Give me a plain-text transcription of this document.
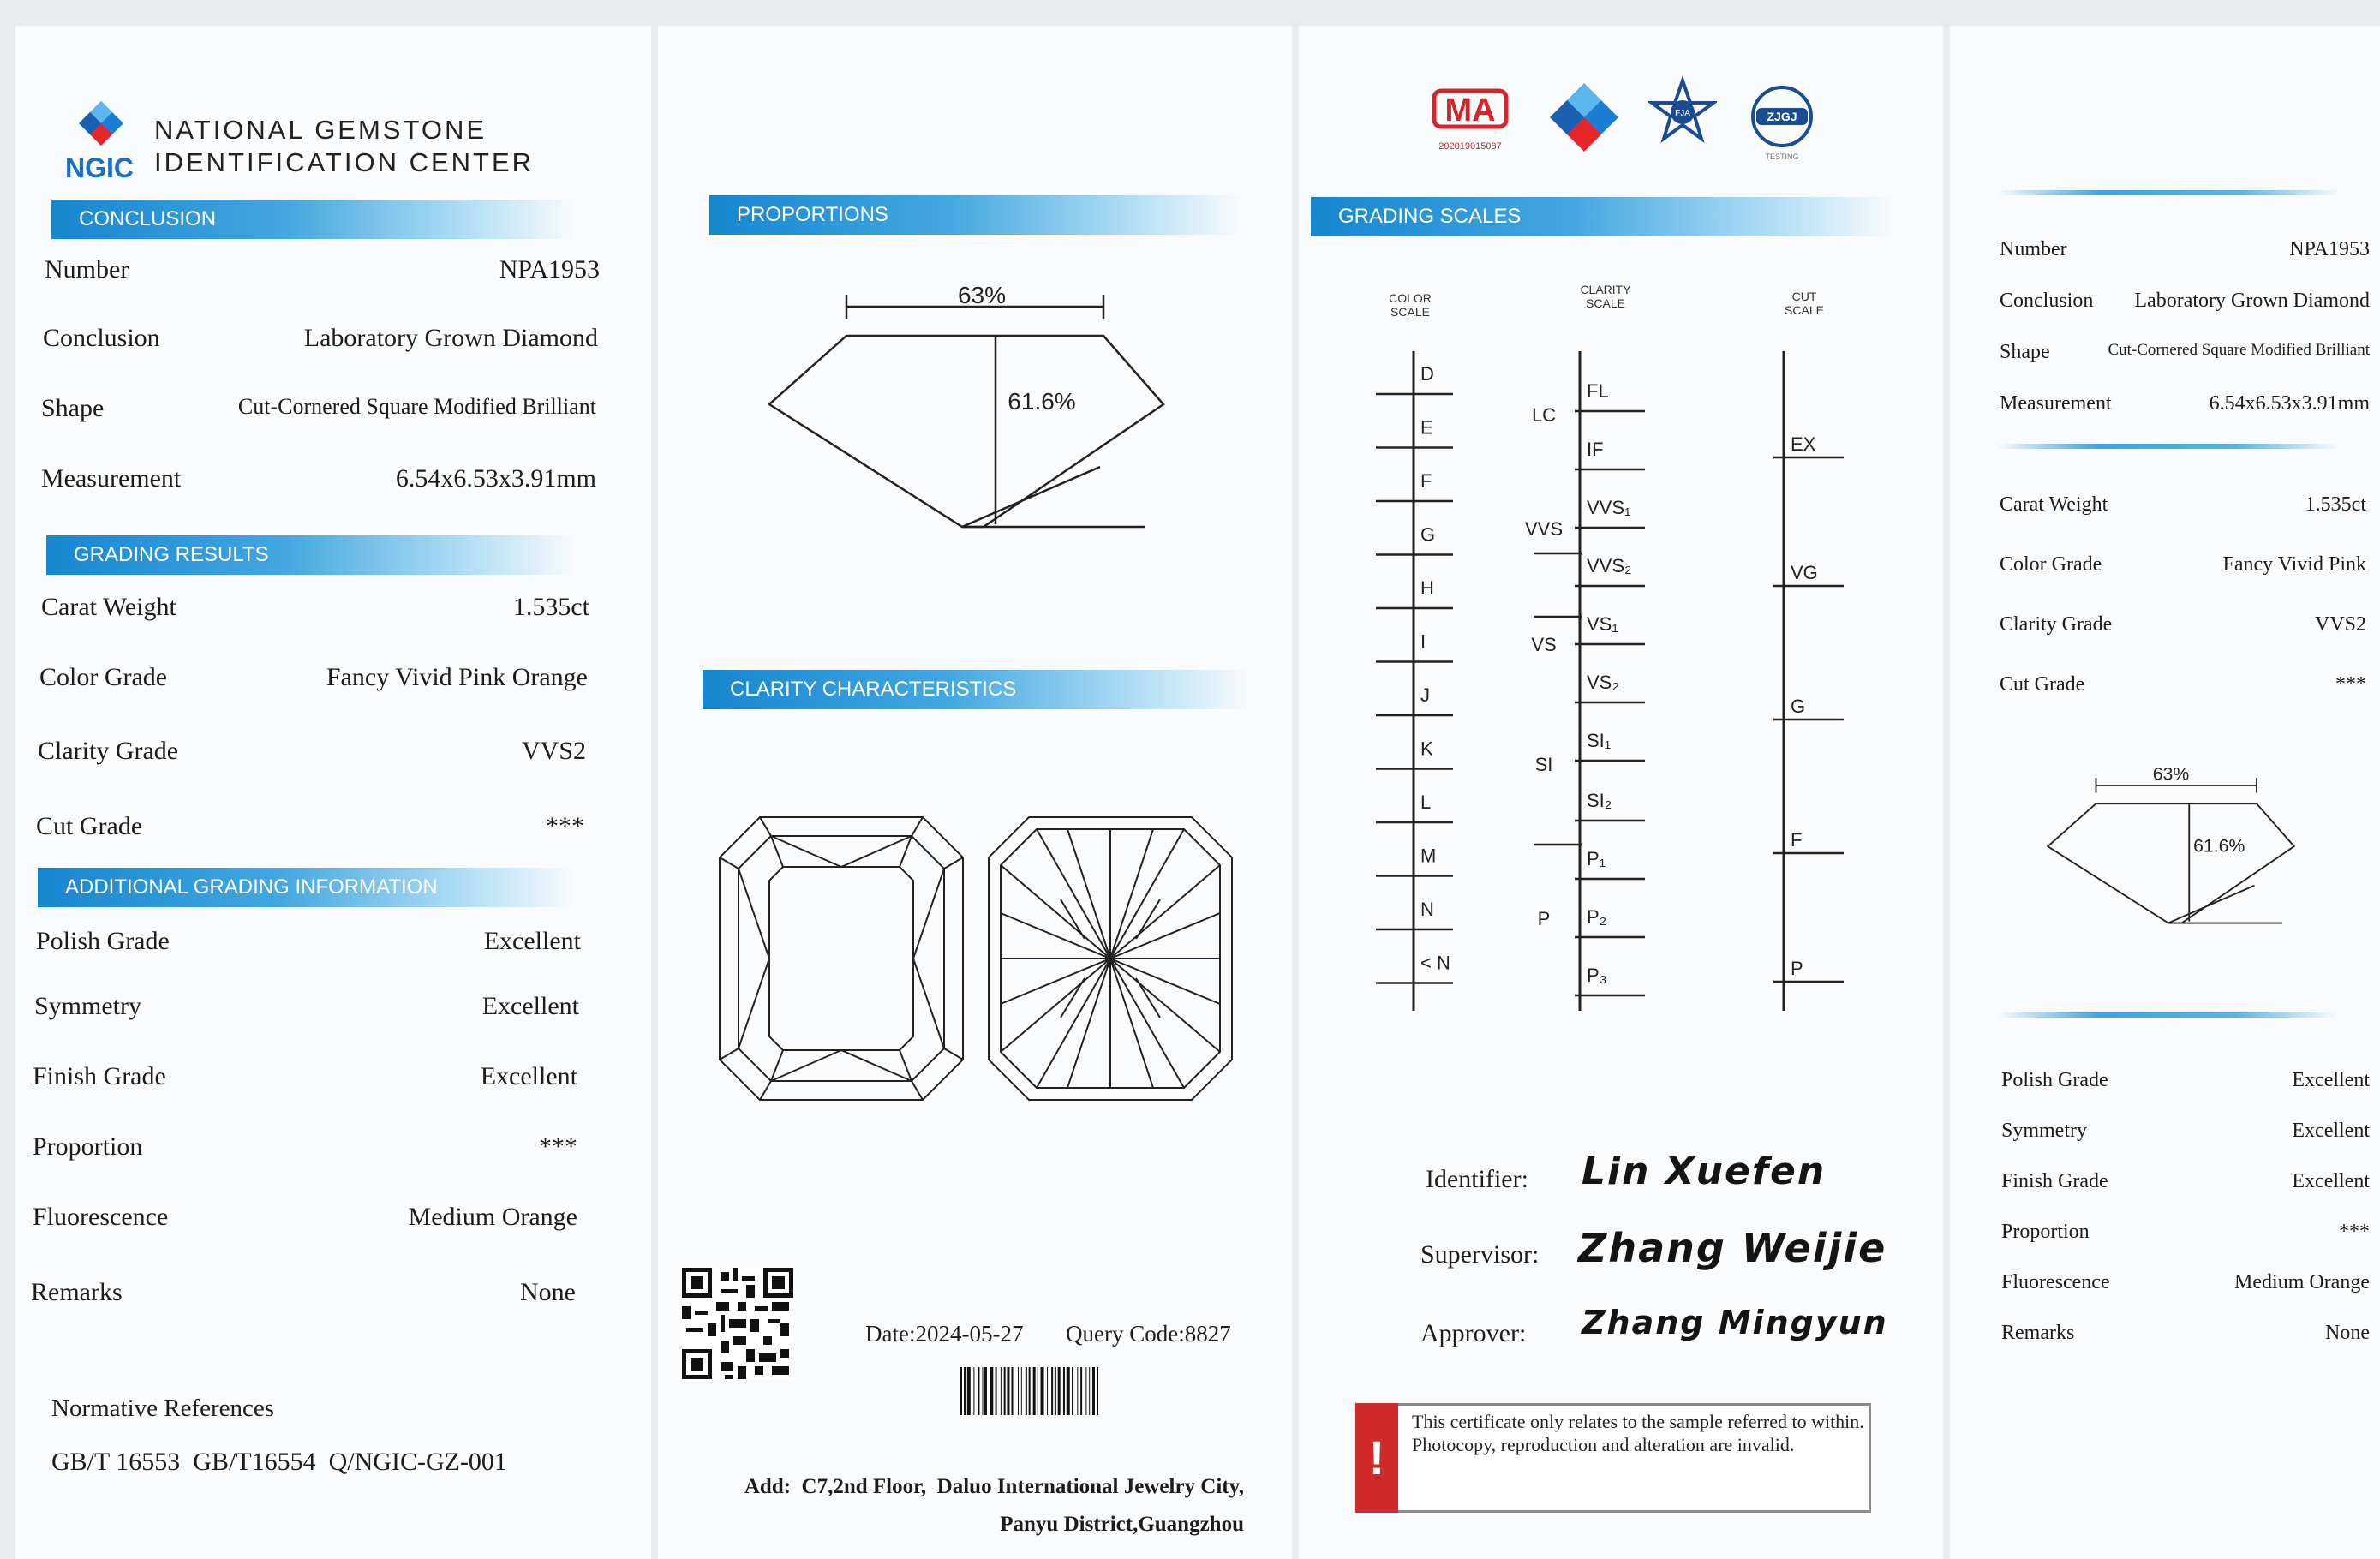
NGIC
NATIONAL GEMSTONE
IDENTIFICATION CENTER
CONCLUSION
Number	NPA1953
Conclusion	Laboratory Grown Diamond
Shape	Cut-Cornered Square Modified Brilliant
Measurement	6.54x6.53x3.91mm
GRADING RESULTS
Carat Weight	1.535ct
Color Grade	Fancy Vivid Pink Orange
Clarity Grade	VVS2
Cut Grade	***
ADDITIONAL GRADING INFORMATION
Polish Grade	Excellent
Symmetry	Excellent
Finish Grade	Excellent
Proportion	***
Fluorescence	Medium Orange
Remarks	None
Normative References
GB/T 16553  GB/T16554  Q/NGIC-GZ-001
PROPORTIONS
63%
61.6%
CLARITY CHARACTERISTICS
Date:2024-05-27 Query Code:8827
Add:  C7,2nd Floor,  Daluo International Jewelry City,
Panyu District,Guangzhou
MA
202019015087
FJA	ZJGJ
TESTING
GRADING SCALES
COLOR
SCALE
CLARITY
SCALE	CUT
SCALE
D
E
F
G
H
I
J
K
L
M
N
< N
FL
IF
VVS₁
VVS₂
VS₁
VS₂
SI₁
SI₂
P₁
P₂
P₃
LC
VVS
VS
SI
P
EX
VG
G
F
P
Identifier: Lin Xuefen
Supervisor: Zhang Weijie
Approver: Zhang Mingyun
!
This certificate only relates to the sample referred to within. Photocopy, reproduction and alteration are invalid.
Number	NPA1953
Conclusion Laboratory Grown Diamond
Shape	Cut-Cornered Square Modified Brilliant
Measurement	6.54x6.53x3.91mm
Carat Weight	1.535ct
Color Grade	Fancy Vivid Pink
Clarity Grade	VVS2
Cut Grade	***
63%
61.6%
Polish Grade	Excellent
Symmetry	Excellent
Finish Grade	Excellent
Proportion	***
Fluorescence	Medium Orange
Remarks	None
